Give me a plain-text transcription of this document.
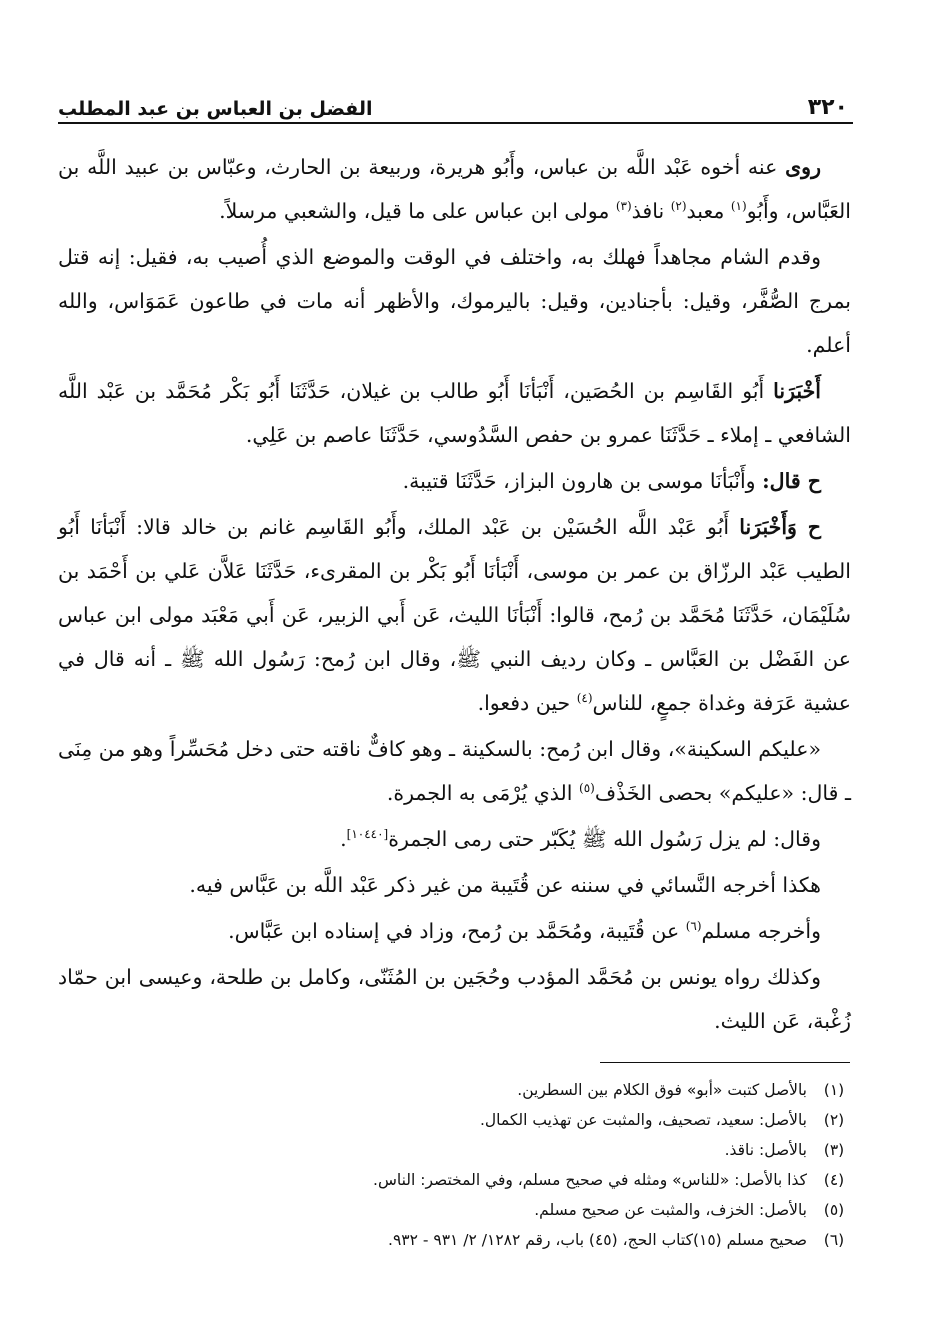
٣٢٠
الفضل بن العباس بن عبد المطلب

روى عنه أخوه عَبْد اللَّه بن عباس، وأَبُو هريرة، وربيعة بن الحارث، وعبّاس بن عبيد اللَّه بن العَبَّاس، وأَبُو$^{(١)}$ معبد$^{(٢)}$ نافذ$^{(٣)}$ مولى ابن عباس على ما قيل، والشعبي مرسلاً.

وقدم الشام مجاهداً فهلك به، واختلف في الوقت والموضع الذي أُصيب به، فقيل: إنه قتل بمرج الصُّفَّر، وقيل: بأجنادين، وقيل: باليرموك، والأظهر أنه مات في طاعون عَمَوَاس، والله أعلم.

أَخْبَرَنا أَبُو القَاسِم بن الحُصَين، أَنْبَأنَا أَبُو طالب بن غيلان، حَدَّثَنَا أَبُو بَكْر مُحَمَّد بن عَبْد اللَّه الشافعي ـ إملاء ـ حَدَّثَنَا عمرو بن حفص السَّدُوسي، حَدَّثَنَا عاصم بن عَلِي.

ح قال: وأَنْبَأنَا موسى بن هارون البزاز، حَدَّثَنَا قتيبة.

ح وَأَخْبَرَنا أَبُو عَبْد اللَّه الحُسَيْن بن عَبْد الملك، وأَبُو القَاسِم غانم بن خالد قالا: أَنْبَأنَا أَبُو الطيب عَبْد الرزّاق بن عمر بن موسى، أَنْبَأنَا أَبُو بَكْر بن المقرىء، حَدَّثَنَا عَلاَّن عَلي بن أَحْمَد بن سُلَيْمَان، حَدَّثَنَا مُحَمَّد بن رُمح، قالوا: أَنْبَأنَا الليث، عَن أَبي الزبير، عَن أَبي مَعْبَد مولى ابن عباس عن الفَضْل بن العَبَّاس ـ وكان رديف النبي ﷺ، وقال ابن رُمح: رَسُول الله ﷺ ـ أنه قال في عشية عَرَفة وغداة جمعٍ، للناس$^{(٤)}$ حين دفعوا.

«عليكم السكينة»، وقال ابن رُمح: بالسكينة ـ وهو كافٌّ ناقته حتى دخل مُحَسِّراً وهو من مِنَى ـ قال: «عليكم» بحصى الخَذْف$^{(٥)}$ الذي يُرْمَى به الجمرة.

وقال: لم يزل رَسُول الله ﷺ يُكَبّر حتى رمى الجمرة[١٠٤٤٠].

هكذا أخرجه النَّسائي في سننه عن قُتَيبة من غير ذكر عَبْد اللَّه بن عَبَّاس فيه.

وأخرجه مسلم$^{(٦)}$ عن قُتَيبة، ومُحَمَّد بن رُمح، وزاد في إسناده ابن عَبَّاس.

وكذلك رواه يونس بن مُحَمَّد المؤدب وحُجَين بن المُثَنّى، وكامل بن طلحة، وعيسى ابن حمّاد زُغْبة، عَن الليث.

(١)
بالأصل كتبت «أبو» فوق الكلام بين السطرين.
(٢)
بالأصل: سعيد، تصحيف، والمثبت عن تهذيب الكمال.
(٣)
بالأصل: ناقذ.
(٤)
كذا بالأصل: «للناس» ومثله في صحيح مسلم، وفي المختصر: الناس.
(٥)
بالأصل: الخزف، والمثبت عن صحيح مسلم.
(٦)
صحيح مسلم (١٥)كتاب الحج، (٤٥) باب، رقم ١٢٨٢/ ٢/ ٩٣١ - ٩٣٢.
